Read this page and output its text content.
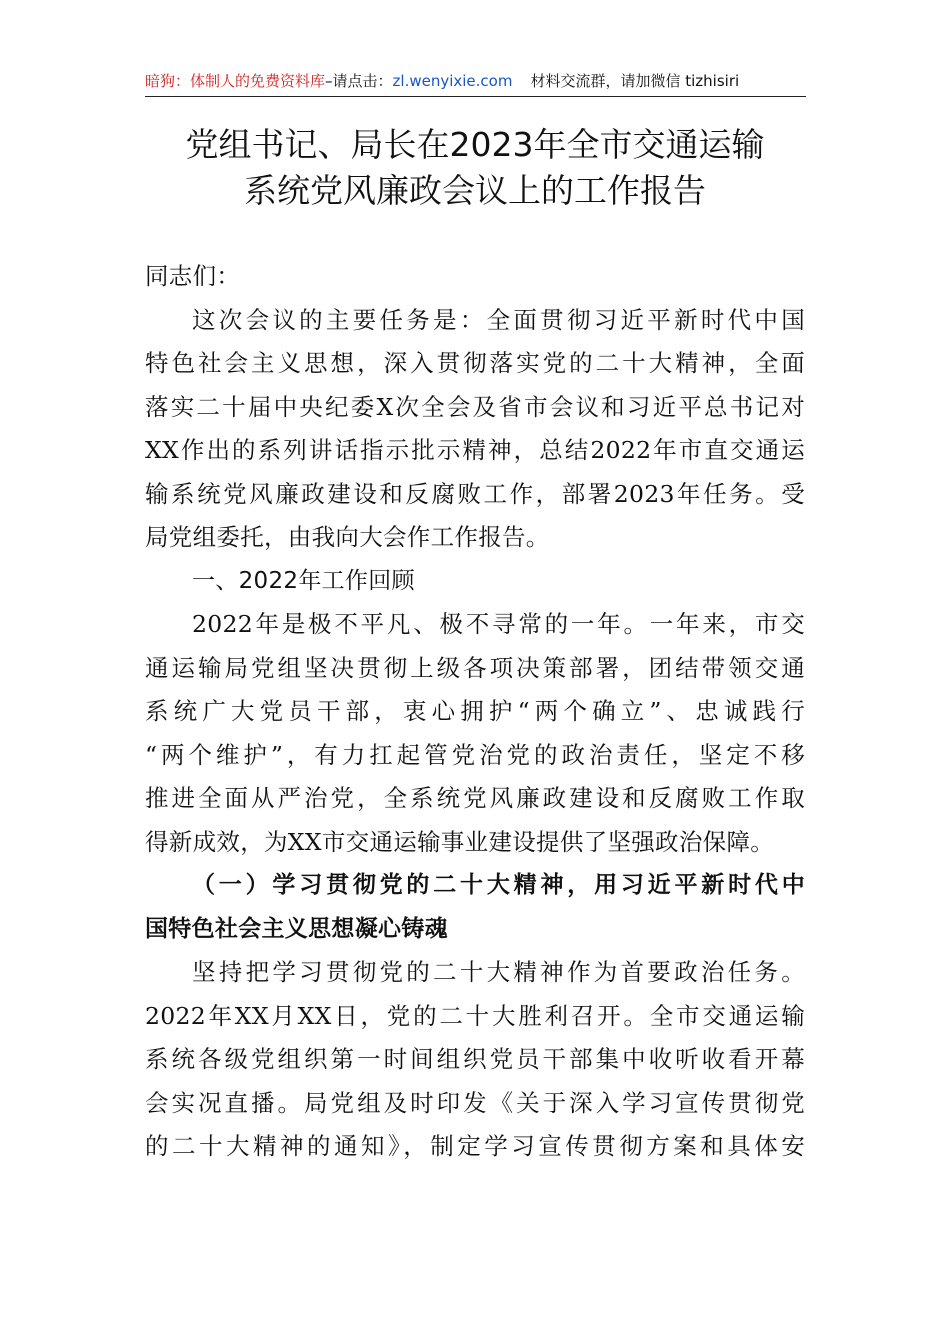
暗狗：体制人的免费资料库–请点击：zl.wenyixie.com 材料交流群，请加微信 tizhisiri
党组书记、局长在2023年全市交通运输
系统党风廉政会议上的工作报告
同志们：
这次会议的主要任务是：全面贯彻习近平新时代中国
特色社会主义思想，深入贯彻落实党的二十大精神，全面
落实二十届中央纪委X次全会及省市会议和习近平总书记对
XX作出的系列讲话指示批示精神，总结2022年市直交通运
输系统党风廉政建设和反腐败工作，部署2023年任务。受
局党组委托，由我向大会作工作报告。
一、2022年工作回顾
2022年是极不平凡、极不寻常的一年。一年来，市交
通运输局党组坚决贯彻上级各项决策部署，团结带领交通
系统广大党员干部，衷心拥护“两个确立”、忠诚践行
“两个维护”，有力扛起管党治党的政治责任，坚定不移
推进全面从严治党，全系统党风廉政建设和反腐败工作取
得新成效，为XX市交通运输事业建设提供了坚强政治保障。
（一）学习贯彻党的二十大精神，用习近平新时代中
国特色社会主义思想凝心铸魂
坚持把学习贯彻党的二十大精神作为首要政治任务。
2022年XX月XX日，党的二十大胜利召开。全市交通运输
系统各级党组织第一时间组织党员干部集中收听收看开幕
会实况直播。局党组及时印发《关于深入学习宣传贯彻党
的二十大精神的通知》，制定学习宣传贯彻方案和具体安
